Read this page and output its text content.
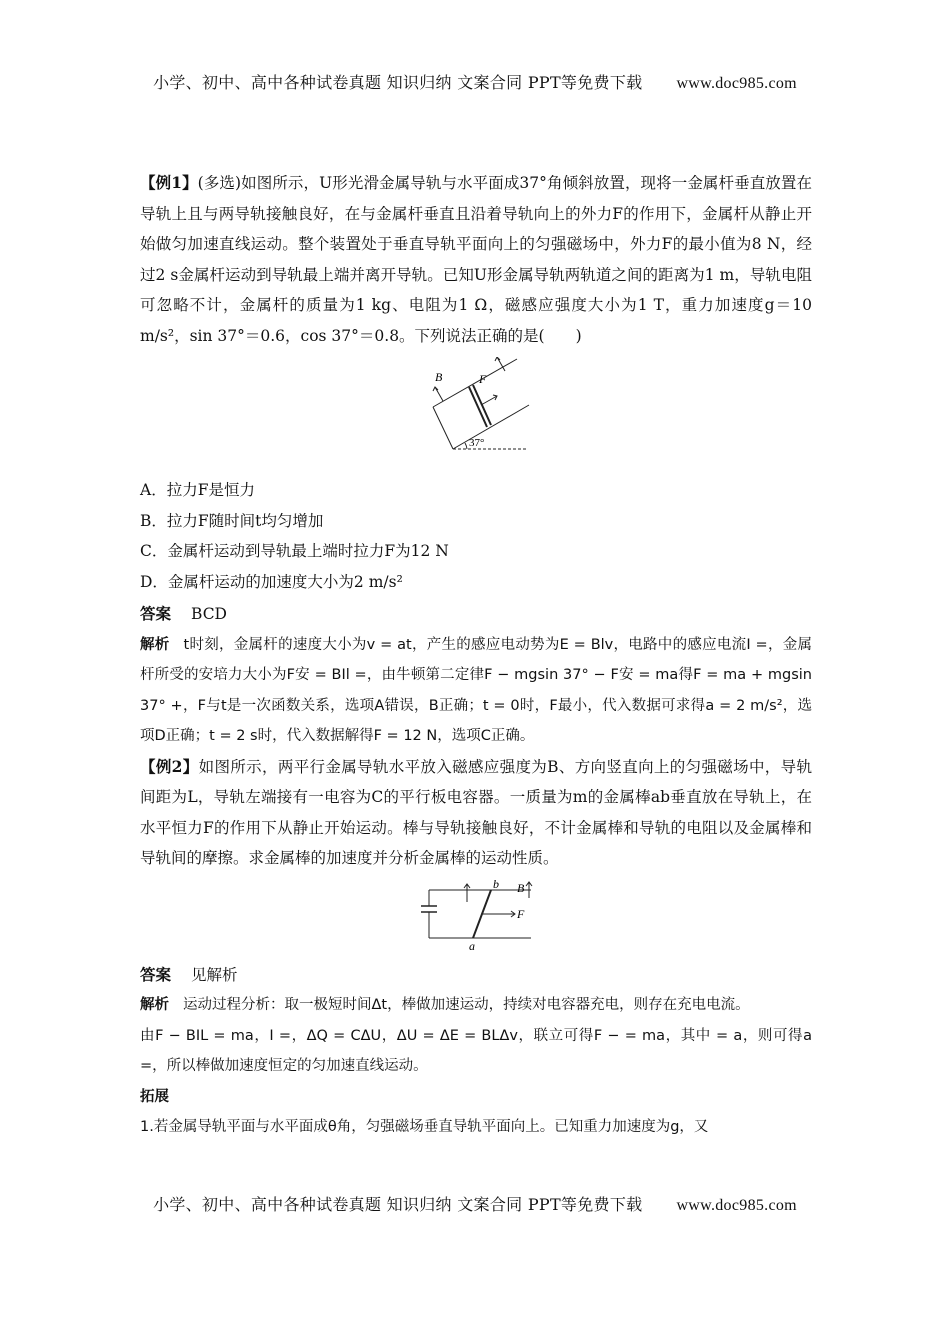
小学、初中、高中各种试卷真题 知识归纳 文案合同 PPT等免费下载 www.doc985.com

【例1】(多选)如图所示，U形光滑金属导轨与水平面成37°角倾斜放置，现将一金属杆垂直放置在导轨上且与两导轨接触良好，在与金属杆垂直且沿着导轨向上的外力F的作用下，金属杆从静止开始做匀加速直线运动。整个装置处于垂直导轨平面向上的匀强磁场中，外力F的最小值为8 N，经过2 s金属杆运动到导轨最上端并离开导轨。已知U形金属导轨两轨道之间的距离为1 m，导轨电阻可忽略不计，金属杆的质量为1 kg、电阻为1 Ω，磁感应强度大小为1 T，重力加速度g＝10 m/s²，sin 37°＝0.6，cos 37°＝0.8。下列说法正确的是(　　)

B	F
37°

A．拉力F是恒力

B．拉力F随时间t均匀增加

C．金属杆运动到导轨最上端时拉力F为12 N

D．金属杆运动的加速度大小为2 m/s²

答案 BCD

解析 t时刻，金属杆的速度大小为v = at，产生的感应电动势为E = Blv，电路中的感应电流I =，金属杆所受的安培力大小为F安 = BIl =，由牛顿第二定律F − mgsin 37° − F安 = ma得F = ma + mgsin 37° +，F与t是一次函数关系，选项A错误，B正确；t = 0时，F最小，代入数据可求得a = 2 m/s²，选项D正确；t = 2 s时，代入数据解得F = 12 N，选项C正确。

【例2】如图所示，两平行金属导轨水平放入磁感应强度为B、方向竖直向上的匀强磁场中，导轨间距为L，导轨左端接有一电容为C的平行板电容器。一质量为m的金属棒ab垂直放在导轨上，在水平恒力F的作用下从静止开始运动。棒与导轨接触良好，不计金属棒和导轨的电阻以及金属棒和导轨间的摩擦。求金属棒的加速度并分析金属棒的运动性质。

b B
F
a

答案 见解析

解析 运动过程分析：取一极短时间Δt，棒做加速运动，持续对电容器充电，则存在充电电流。

由F − BIL = ma，I =，ΔQ = CΔU，ΔU = ΔE = BLΔv，联立可得F − = ma，其中 = a，则可得a =，所以棒做加速度恒定的匀加速直线运动。

拓展

1.若金属导轨平面与水平面成θ角，匀强磁场垂直导轨平面向上。已知重力加速度为g，又

小学、初中、高中各种试卷真题 知识归纳 文案合同 PPT等免费下载 www.doc985.com
